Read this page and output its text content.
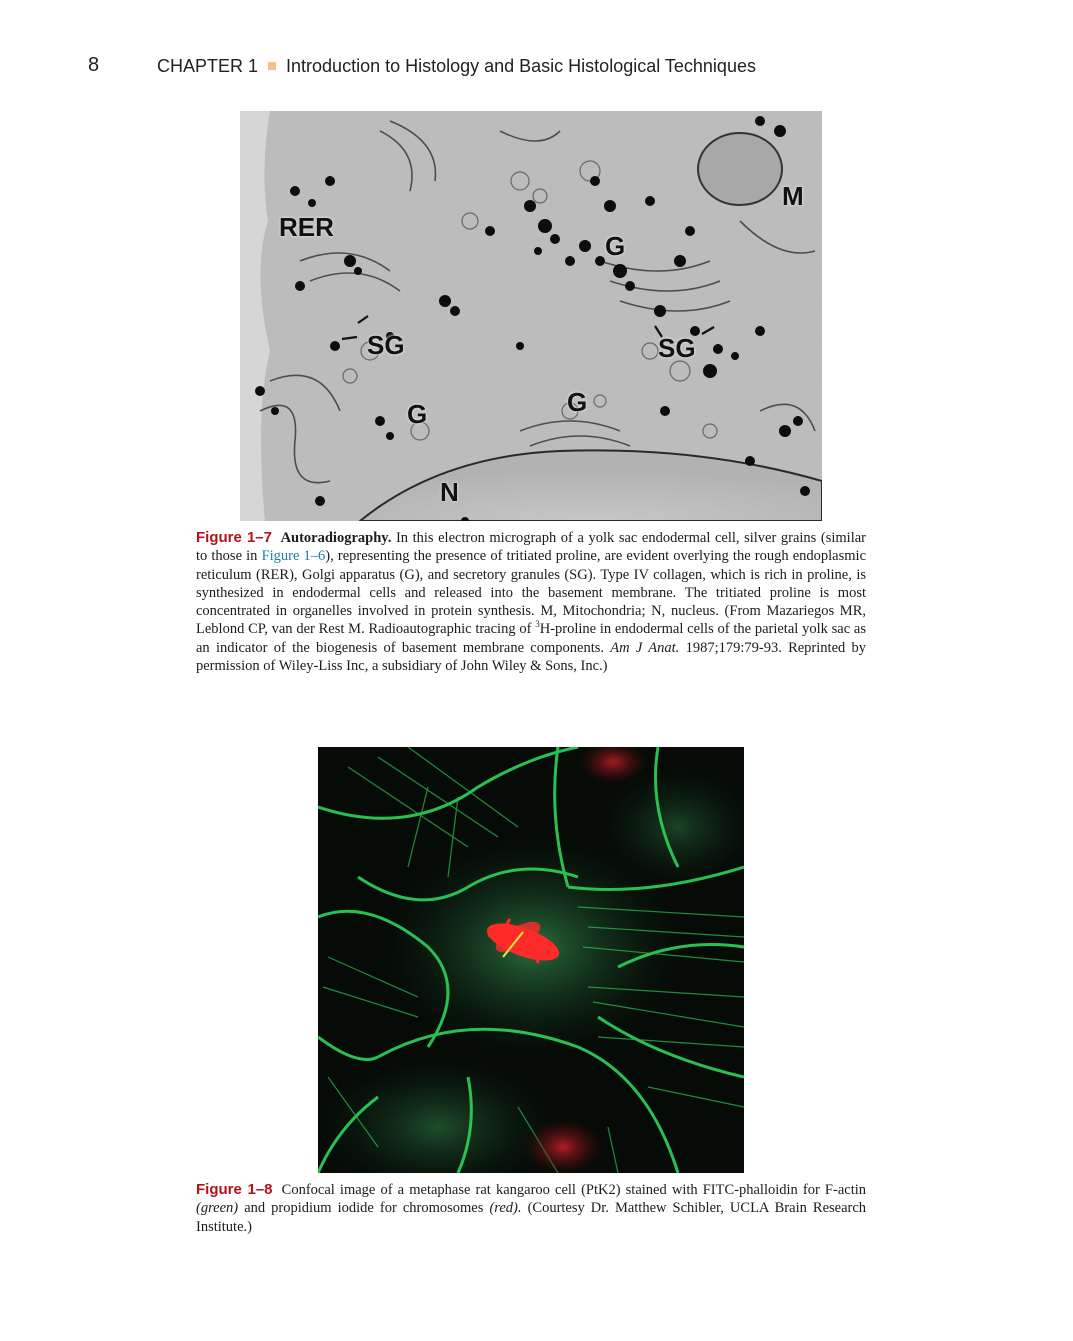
8	CHAPTER 1 Introduction to Histology and Basic Histological Techniques
RER
G
M
SG	SG
G	G
N

Figure 1–7 Autoradiography. In this electron micrograph of a yolk sac endodermal cell, silver grains (similar to those in Figure 1–6), representing the presence of tritiated proline, are evident overlying the rough endoplasmic reticulum (RER), Golgi apparatus (G), and secretory granules (SG). Type IV collagen, which is rich in proline, is synthesized in endodermal cells and released into the basement membrane. The tritiated proline is most concentrated in organelles involved in protein synthesis. M, Mitochondria; N, nucleus. (From Mazariegos MR, Leblond CP, van der Rest M. Radioautographic tracing of $^3$H-proline in endodermal cells of the parietal yolk sac as an indicator of the biogenesis of basement membrane components. Am J Anat. 1987;179:79-93. Reprinted by permission of Wiley-Liss Inc, a subsidiary of John Wiley & Sons, Inc.)

Figure 1–8 Confocal image of a metaphase rat kangaroo cell (PtK2) stained with FITC-phalloidin for F-actin (green) and propidium iodide for chromosomes (red). (Courtesy Dr. Matthew Schibler, UCLA Brain Research Institute.)
